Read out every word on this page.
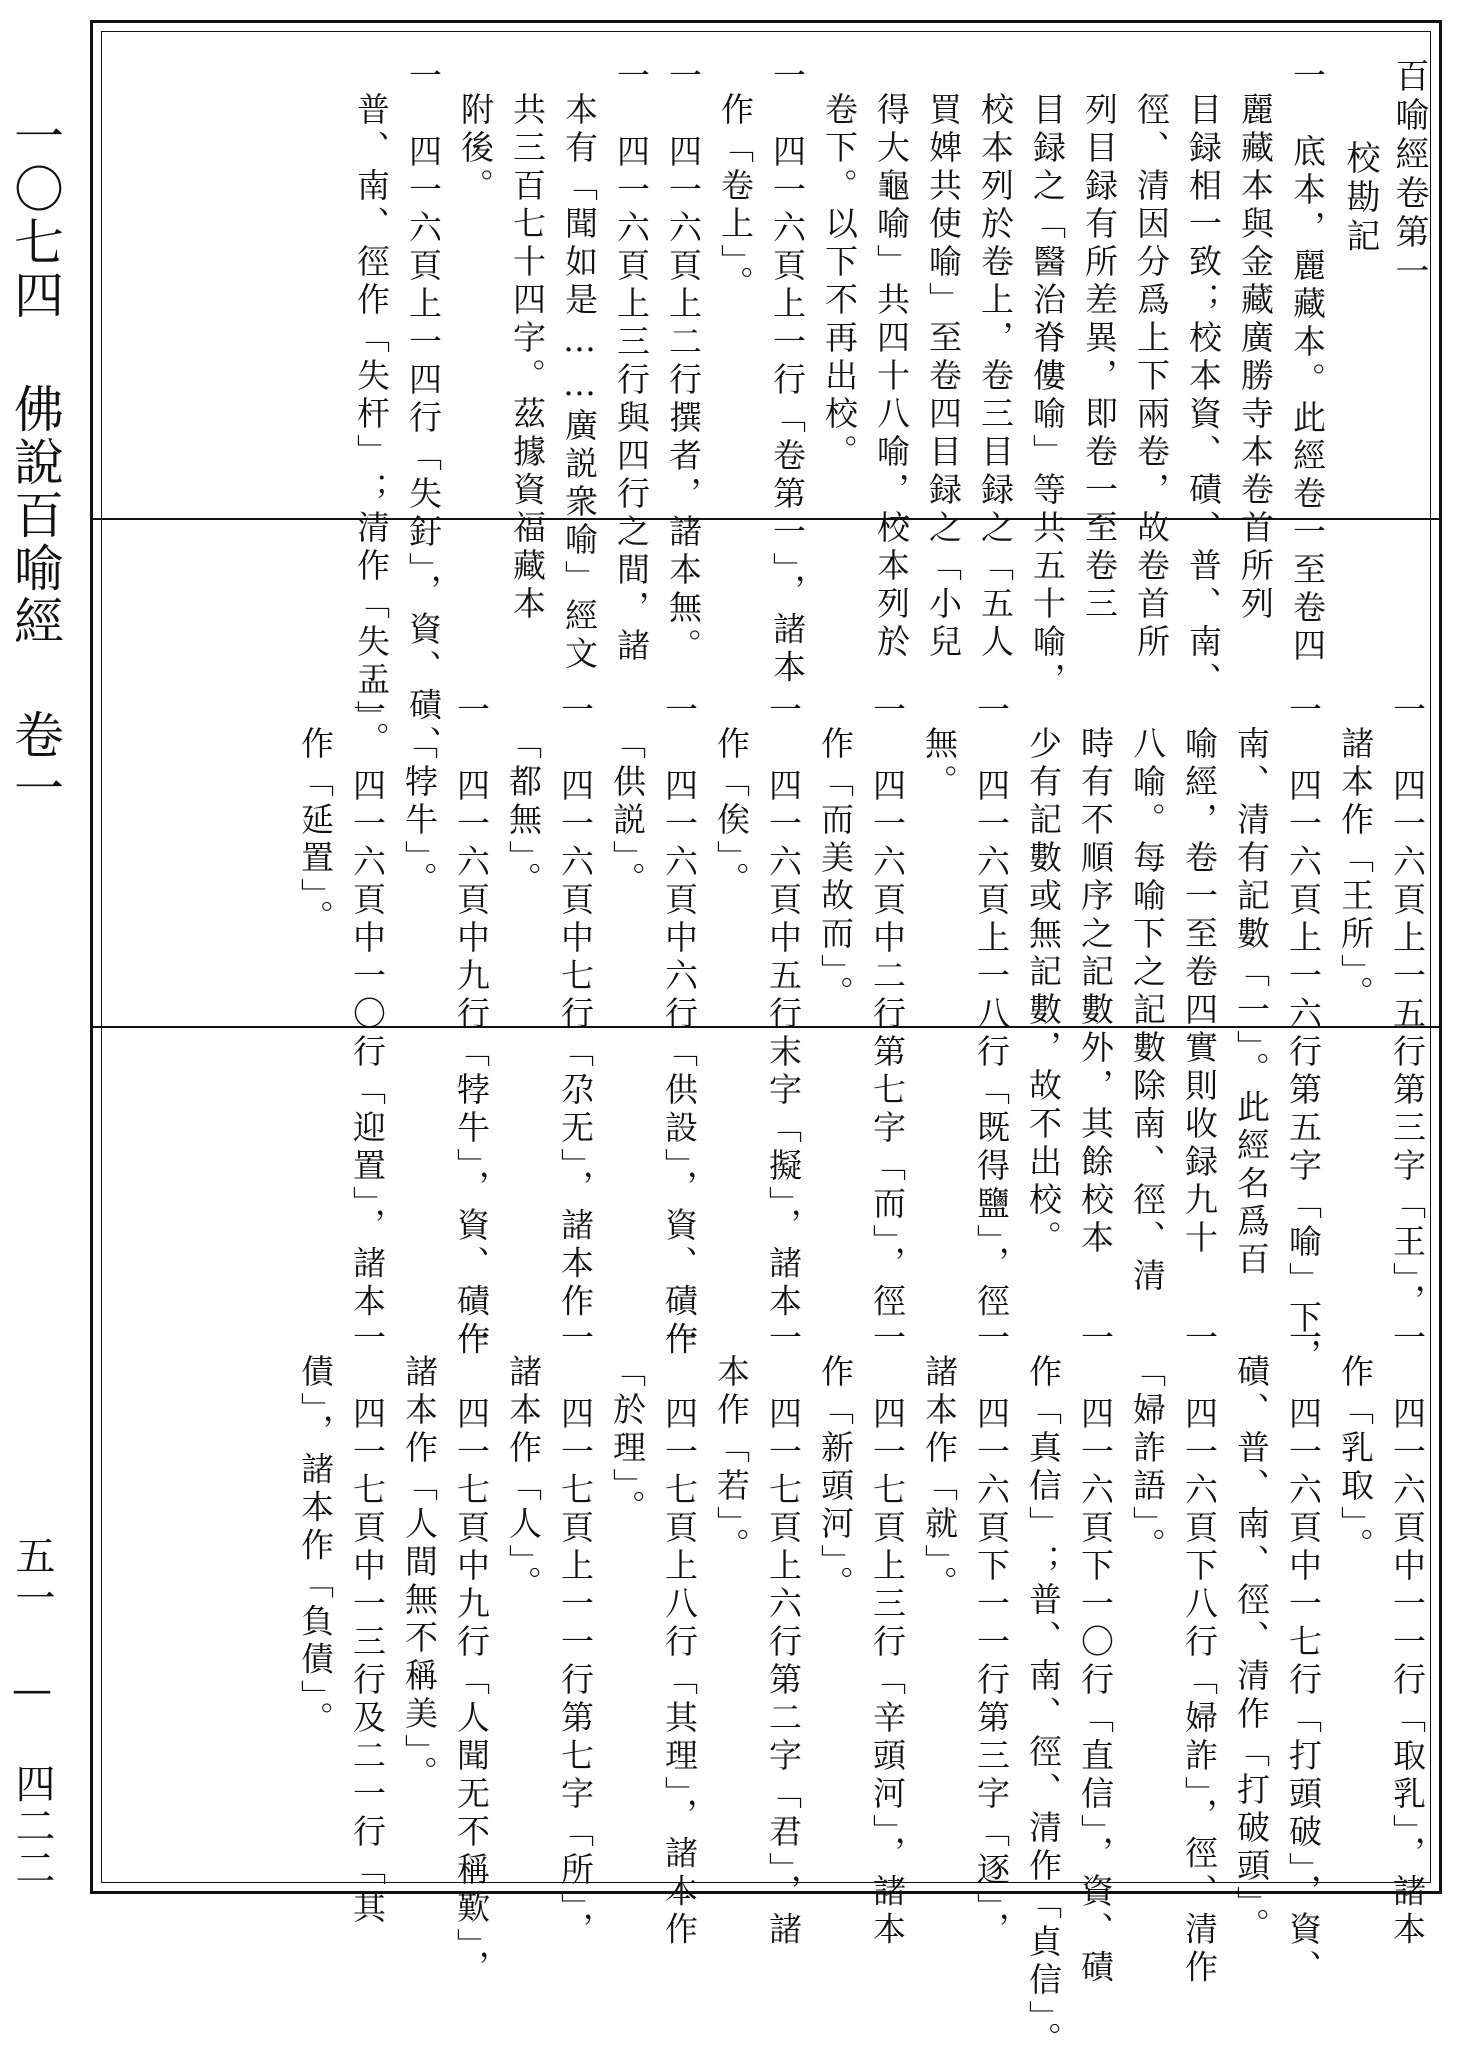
一〇七四 佛說百喻經 卷一
五一 — 四二二
百喻經卷第一
校勘記
一　底本，麗藏本。此經卷一至卷四
麗藏本與金藏廣勝寺本卷首所列
目録相一致；校本資、磧、普、南、
徑、清因分爲上下兩卷，故卷首所
列目録有所差異，即卷一至卷三
目録之「醫治脊僂喻」等共五十喻，
校本列於卷上，卷三目録之「五人
買婢共使喻」至卷四目録之「小兒
得大龜喻」共四十八喻，校本列於
卷下。以下不再出校。
一　四一六頁上一行「卷第一」，諸本
作「卷上」。
一　四一六頁上二行撰者，諸本無。
一　四一六頁上三行與四行之間，諸
本有「聞如是……廣説衆喻」經文
共三百七十四字。茲據資福藏本
附後。
一　四一六頁上一四行「失釪」，資、磧、
普、南、徑作「失杆」；清作「失盂」。
一　四一六頁上一五行第三字「王」，
諸本作「王所」。
一　四一六頁上一六行第五字「喻」下，
南、清有記數「一」。此經名爲百
喻經，卷一至卷四實則收録九十
八喻。每喻下之記數除南、徑、清
時有不順序之記數外，其餘校本
少有記數或無記數，故不出校。
一　四一六頁上一八行「既得鹽」，徑
無。
一　四一六頁中二行第七字「而」，徑
作「而美故而」。
一　四一六頁中五行末字「擬」，諸本
作「俟」。
一　四一六頁中六行「供設」，資、磧作
「供説」。
一　四一六頁中七行「尕无」，諸本作
「都無」。
一　四一六頁中九行「㹀牛」，資、磧作
「㹀牛」。
一　四一六頁中一〇行「迎置」，諸本
作「延置」。
一　四一六頁中一一行「取乳」，諸本
作「乳取」。
一　四一六頁中一七行「打頭破」，資、
磧、普、南、徑、清作「打破頭」。
一　四一六頁下八行「婦詐」，徑、清作
「婦詐語」。
一　四一六頁下一〇行「直信」，資、磧
作「真信」；普、南、徑、清作「貞信」。
一　四一六頁下一一行第三字「逐」，
諸本作「就」。
一　四一七頁上三行「辛頭河」，諸本
作「新頭河」。
一　四一七頁上六行第二字「君」，諸
本作「若」。
一　四一七頁上八行「其理」，諸本作
「於理」。
一　四一七頁上一一行第七字「所」，
諸本作「人」。
一　四一七頁中九行「人聞无不稱歎」，
諸本作「人間無不稱美」。
一　四一七頁中一三行及二一行「其
債」，諸本作「負債」。
